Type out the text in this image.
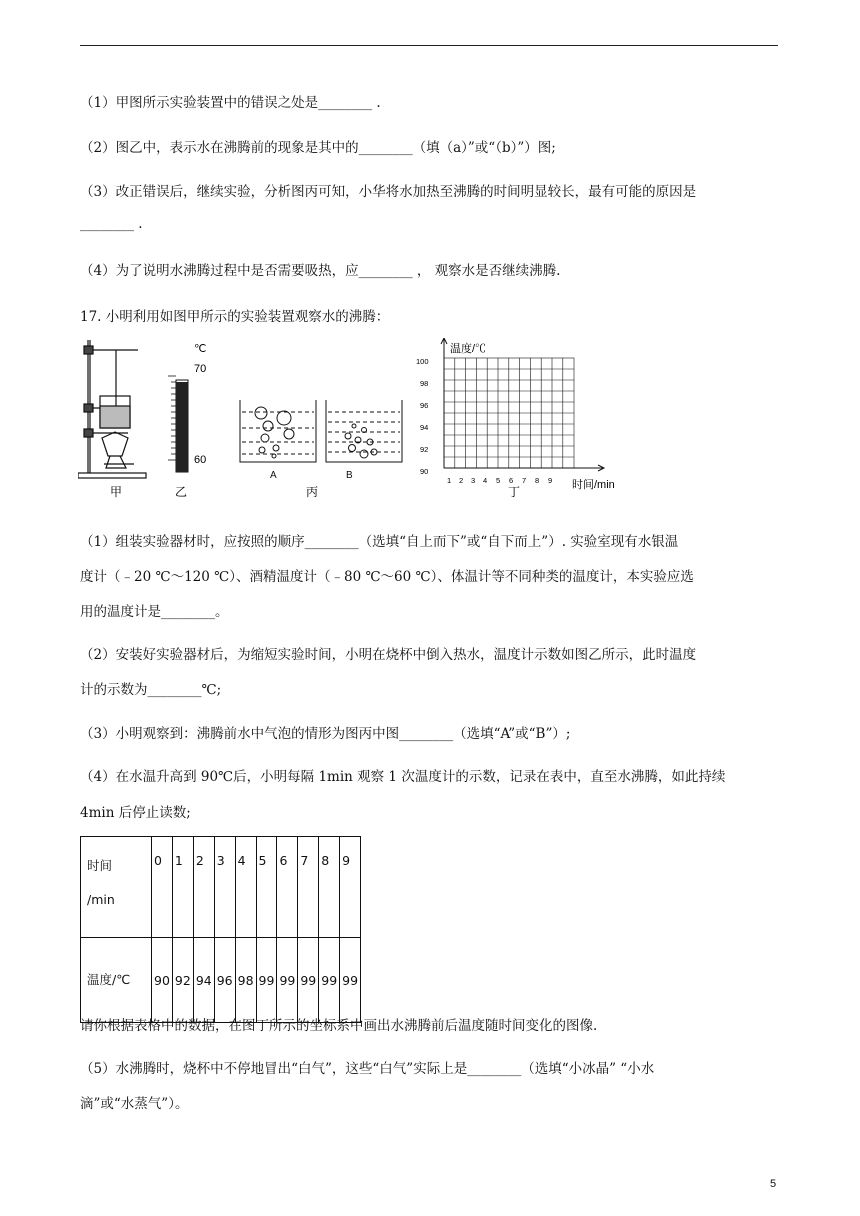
（1）甲图所示实验装置中的错误之处是________ .
（2）图乙中，表示水在沸腾前的现象是其中的________（填（a）”或“（b）”）图;
（3）改正错误后，继续实验，分析图丙可知，小华将水加热至沸腾的时间明显较长，最有可能的原因是
________ .
（4）为了说明水沸腾过程中是否需要吸热，应________ ， 观察水是否继续沸腾.
17. 小明利用如图甲所示的实验装置观察水的沸腾：
℃
70
60
A	B
温度/℃
100
98
96
94
92
90
1 2 3 4 5 6 7 8 9 时间/min
甲	乙	丙	丁
（1）组装实验器材时，应按照的顺序________（选填“自上而下”或“自下而上”）. 实验室现有水银温
度计（﹣20 ℃～120 ℃）、酒精温度计（﹣80 ℃～60 ℃）、体温计等不同种类的温度计，本实验应选
用的温度计是________。
（2）安装好实验器材后，为缩短实验时间，小明在烧杯中倒入热水，温度计示数如图乙所示，此时温度
计的示数为________℃;
（3）小明观察到：沸腾前水中气泡的情形为图丙中图________（选填“A”或“B”）;
（4）在水温升高到 90℃后，小明每隔 1min 观察 1 次温度计的示数，记录在表中，直至水沸腾，如此持续
4min 后停止读数;
时间
/min	0	1	2	3	4	5	6	7	8	9
温度/℃	90	92	94	96	98	99	99	99	99	99
请你根据表格中的数据，在图丁所示的坐标系中画出水沸腾前后温度随时间变化的图像.
（5）水沸腾时，烧杯中不停地冒出“白气”，这些“白气”实际上是________（选填“小冰晶” “小水
滴”或“水蒸气”）。
5
